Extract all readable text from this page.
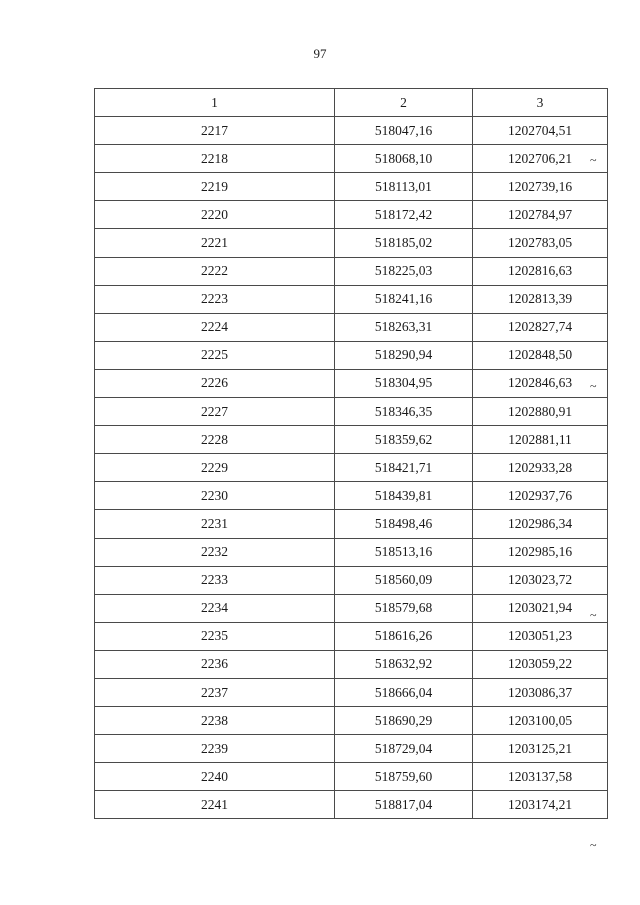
97
1	2	3
2217	518047,16	1202704,51
2218	518068,10	1202706,21
2219	518113,01	1202739,16
2220	518172,42	1202784,97
2221	518185,02	1202783,05
2222	518225,03	1202816,63
2223	518241,16	1202813,39
2224	518263,31	1202827,74
2225	518290,94	1202848,50
2226	518304,95	1202846,63
2227	518346,35	1202880,91
2228	518359,62	1202881,11
2229	518421,71	1202933,28
2230	518439,81	1202937,76
2231	518498,46	1202986,34
2232	518513,16	1202985,16
2233	518560,09	1203023,72
2234	518579,68	1203021,94
2235	518616,26	1203051,23
2236	518632,92	1203059,22
2237	518666,04	1203086,37
2238	518690,29	1203100,05
2239	518729,04	1203125,21
2240	518759,60	1203137,58
2241	518817,04	1203174,21
~
~
~
~
